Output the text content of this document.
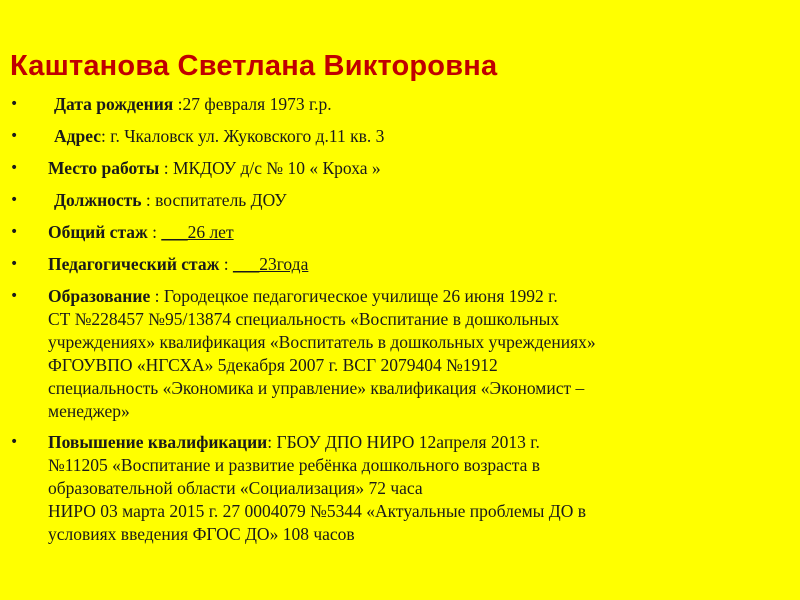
Каштанова Светлана Викторовна
• Дата рождения :27 февраля 1973 г.р.
• Адрес: г. Чкаловск ул. Жуковского д.11 кв. 3
• Место работы : МКДОУ д/с № 10 « Кроха »
• Должность : воспитатель ДОУ
• Общий стаж : ___26 лет
• Педагогический стаж : ___23года
• Образование : Городецкое педагогическое училище 26 июня 1992 г.
СТ №228457 №95/13874 специальность «Воспитание в дошкольных
учреждениях» квалификация «Воспитатель в дошкольных учреждениях»
ФГОУВПО «НГСХА» 5декабря 2007 г. ВСГ 2079404 №1912
специальность «Экономика и управление» квалификация «Экономист –
менеджер»
• Повышение квалификации: ГБОУ ДПО НИРО 12апреля 2013 г.
№11205 «Воспитание и развитие ребёнка дошкольного возраста в
образовательной области «Социализация» 72 часа
НИРО 03 марта 2015 г. 27 0004079 №5344 «Актуальные проблемы ДО в
условиях введения ФГОС ДО» 108 часов
